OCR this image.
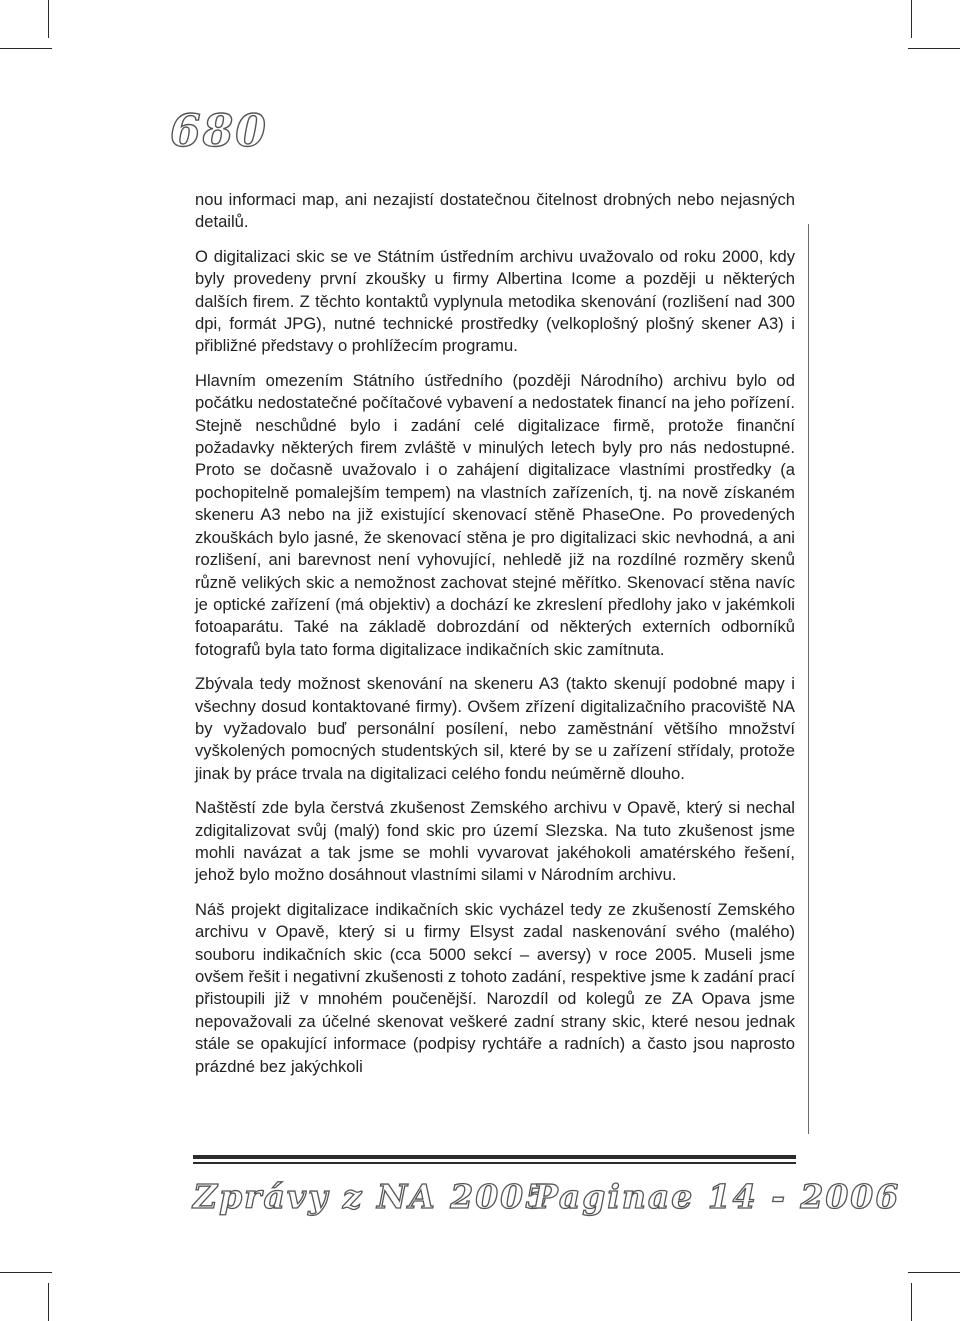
680

nou informaci map, ani nezajistí dostatečnou čitelnost drobných nebo nejasných detailů.

O digitalizaci skic se ve Státním ústředním archivu uvažovalo od roku 2000, kdy byly provedeny první zkoušky u firmy Albertina Icome a později u některých dalších firem. Z těchto kontaktů vyplynula metodika skenování (rozlišení nad 300 dpi, formát JPG), nutné technické prostředky (velkoplošný plošný skener A3) i přibližné představy o prohlížecím programu.

Hlavním omezením Státního ústředního (později Národního) archivu bylo od počátku nedostatečné počítačové vybavení a nedostatek financí na jeho pořízení. Stejně neschůdné bylo i zadání celé digitalizace firmě, protože finanční požadavky některých firem zvláště v minulých letech byly pro nás nedostupné. Proto se dočasně uvažovalo i o zahájení digitalizace vlastními prostředky (a pochopitelně pomalejším tempem) na vlastních zařízeních, tj. na nově získaném skeneru A3 nebo na již existující skenovací stěně PhaseOne. Po provedených zkouškách bylo jasné, že skenovací stěna je pro digitalizaci skic nevhodná, a ani rozlišení, ani barevnost není vyhovující, nehledě již na rozdílné rozměry skenů různě velikých skic a nemožnost zachovat stejné měřítko. Skenovací stěna navíc je optické zařízení (má objektiv) a dochází ke zkreslení předlohy jako v jakémkoli fotoaparátu. Také na základě dobrozdání od některých externích odborníků fotografů byla tato forma digitalizace indikačních skic zamítnuta.

Zbývala tedy možnost skenování na skeneru A3 (takto skenují podobné mapy i všechny dosud kontaktované firmy). Ovšem zřízení digitalizačního pracoviště NA by vyžadovalo buď personální posílení, nebo zaměstnání většího množství vyškolených pomocných studentských sil, které by se u zařízení střídaly, protože jinak by práce trvala na digitalizaci celého fondu neúměrně dlouho.

Naštěstí zde byla čerstvá zkušenost Zemského archivu v Opavě, který si nechal zdigitalizovat svůj (malý) fond skic pro území Slezska. Na tuto zkušenost jsme mohli navázat a tak jsme se mohli vyvarovat jakéhokoli amatérského řešení, jehož bylo možno dosáhnout vlastními silami v Národním archivu.

Náš projekt digitalizace indikačních skic vycházel tedy ze zkušeností Zemského archivu v Opavě, který si u firmy Elsyst zadal naskenování svého (malého) souboru indikačních skic (cca 5000 sekcí – aversy) v roce 2005. Museli jsme ovšem řešit i negativní zkušenosti z tohoto zadání, respektive jsme k zadání prací přistoupili již v mnohém poučenější. Narozdíl od kolegů ze ZA Opava jsme nepovažovali za účelné skenovat veškeré zadní strany skic, které nesou jednak stále se opakující informace (podpisy rychtáře a radních) a často jsou naprosto prázdné bez jakýchkoli

Zprávy z NA 2005
Paginae 14 - 2006
